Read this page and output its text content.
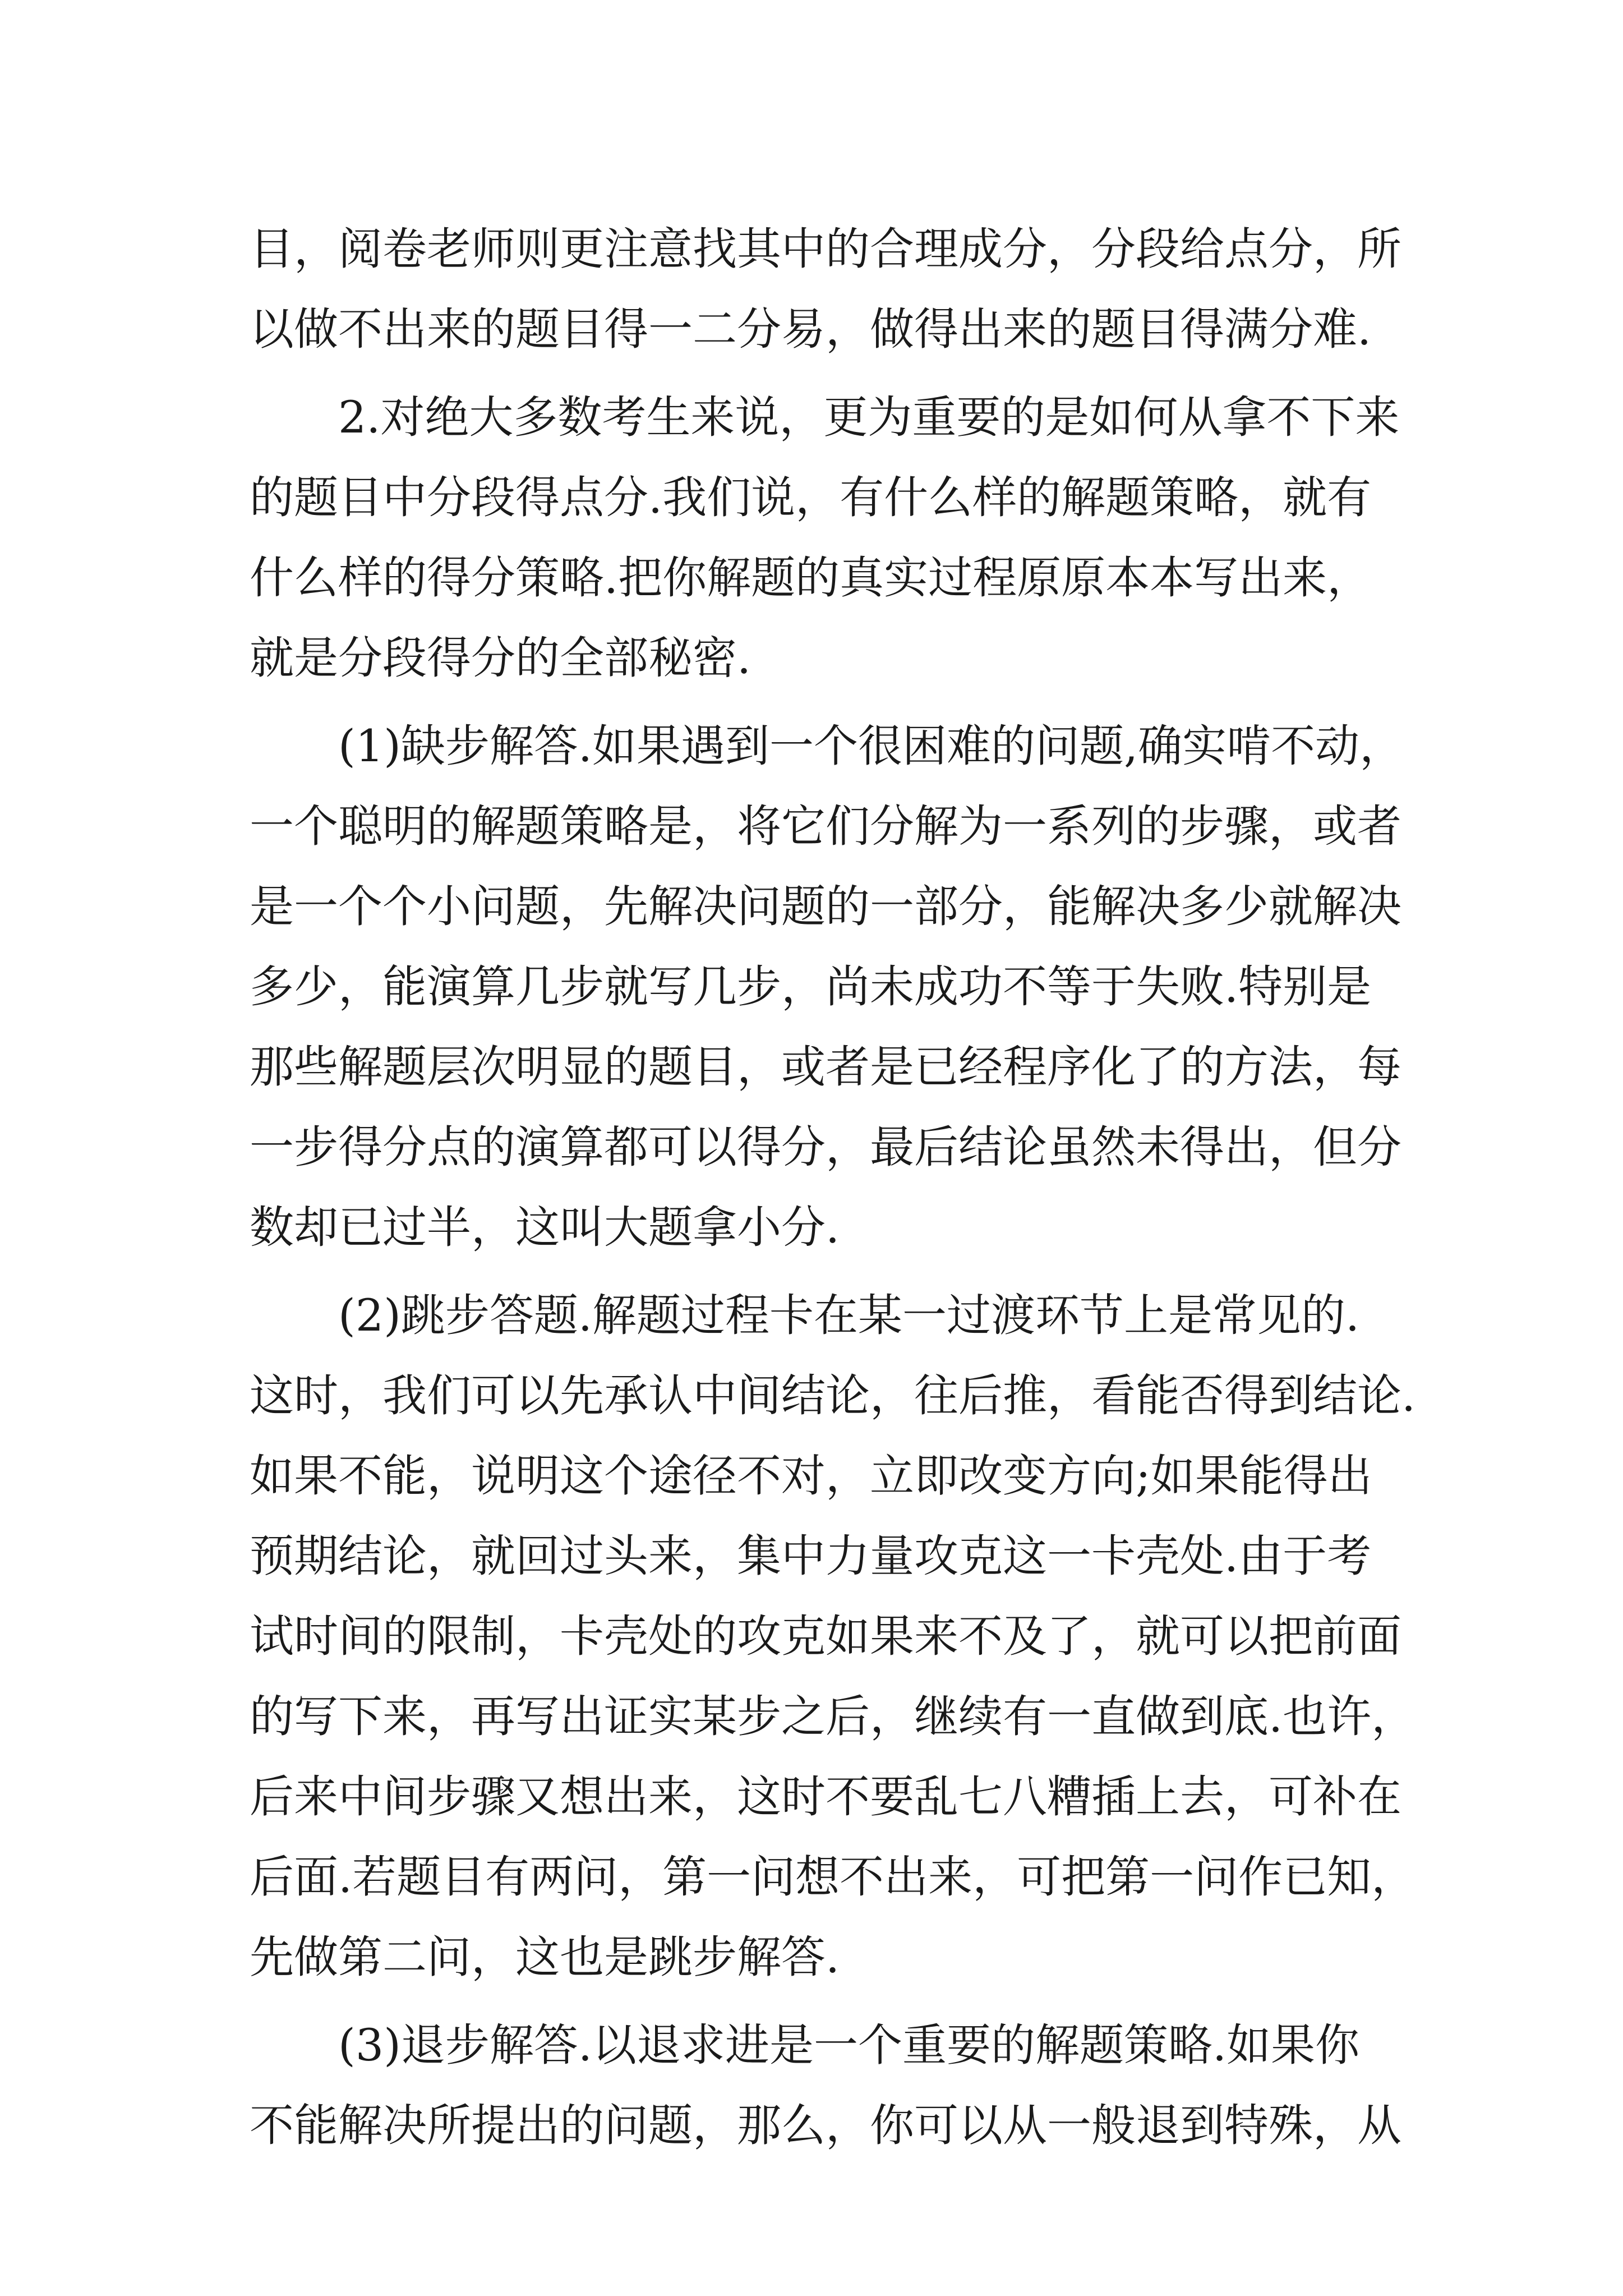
目，阅卷老师则更注意找其中的合理成分，分段给点分，所
以做不出来的题目得一二分易，做得出来的题目得满分难.
2.对绝大多数考生来说，更为重要的是如何从拿不下来
的题目中分段得点分.我们说，有什么样的解题策略，就有
什么样的得分策略.把你解题的真实过程原原本本写出来，
就是分段得分的全部秘密.
(1)缺步解答.如果遇到一个很困难的问题,确实啃不动，
一个聪明的解题策略是，将它们分解为一系列的步骤，或者
是一个个小问题，先解决问题的一部分，能解决多少就解决
多少，能演算几步就写几步，尚未成功不等于失败.特别是
那些解题层次明显的题目，或者是已经程序化了的方法，每
一步得分点的演算都可以得分，最后结论虽然未得出，但分
数却已过半，这叫大题拿小分.
(2)跳步答题.解题过程卡在某一过渡环节上是常见的.
这时，我们可以先承认中间结论，往后推，看能否得到结论.
如果不能，说明这个途径不对，立即改变方向;如果能得出
预期结论，就回过头来，集中力量攻克这一卡壳处.由于考
试时间的限制，卡壳处的攻克如果来不及了，就可以把前面
的写下来，再写出证实某步之后，继续有一直做到底.也许，
后来中间步骤又想出来，这时不要乱七八糟插上去，可补在
后面.若题目有两问，第一问想不出来，可把第一问作已知，
先做第二问，这也是跳步解答.
(3)退步解答.以退求进是一个重要的解题策略.如果你
不能解决所提出的问题，那么，你可以从一般退到特殊，从
